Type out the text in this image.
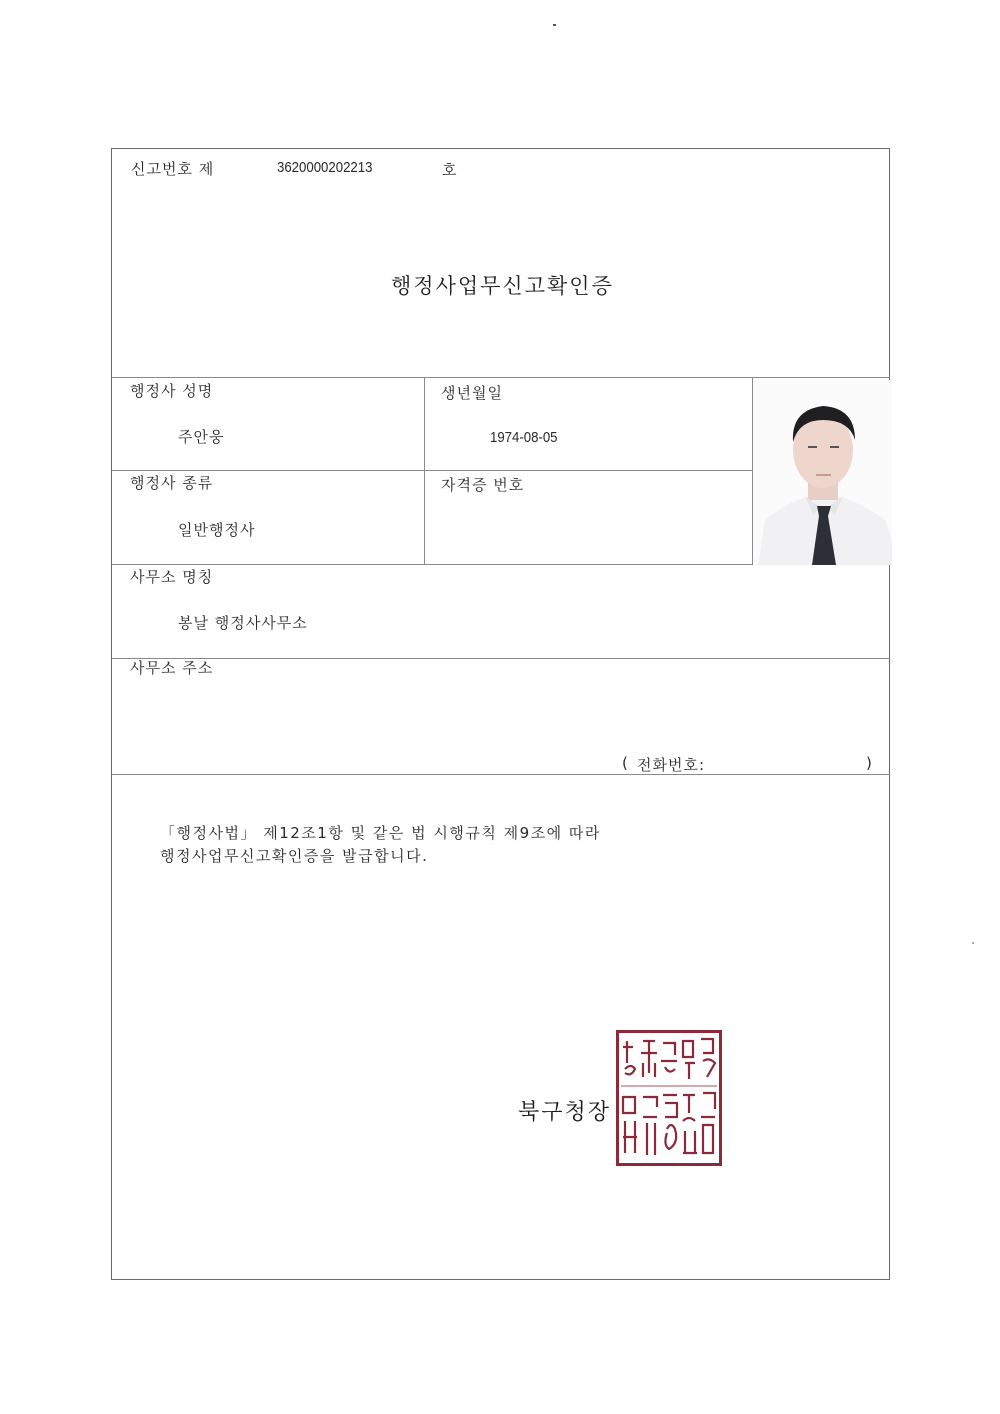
신고번호 제	3620000202213	호
행정사업무신고확인증
행정사 성명
주안웅
생년월일
1974-08-05
행정사 종류
일반행정사
자격증 번호
사무소 명칭
봉날 행정사사무소
사무소 주소
( 전화번호:	)
「행정사법」 제12조1항 및 같은 법 시행규칙 제9조에 따라
행정사업무신고확인증을 발급합니다.
북구청장
